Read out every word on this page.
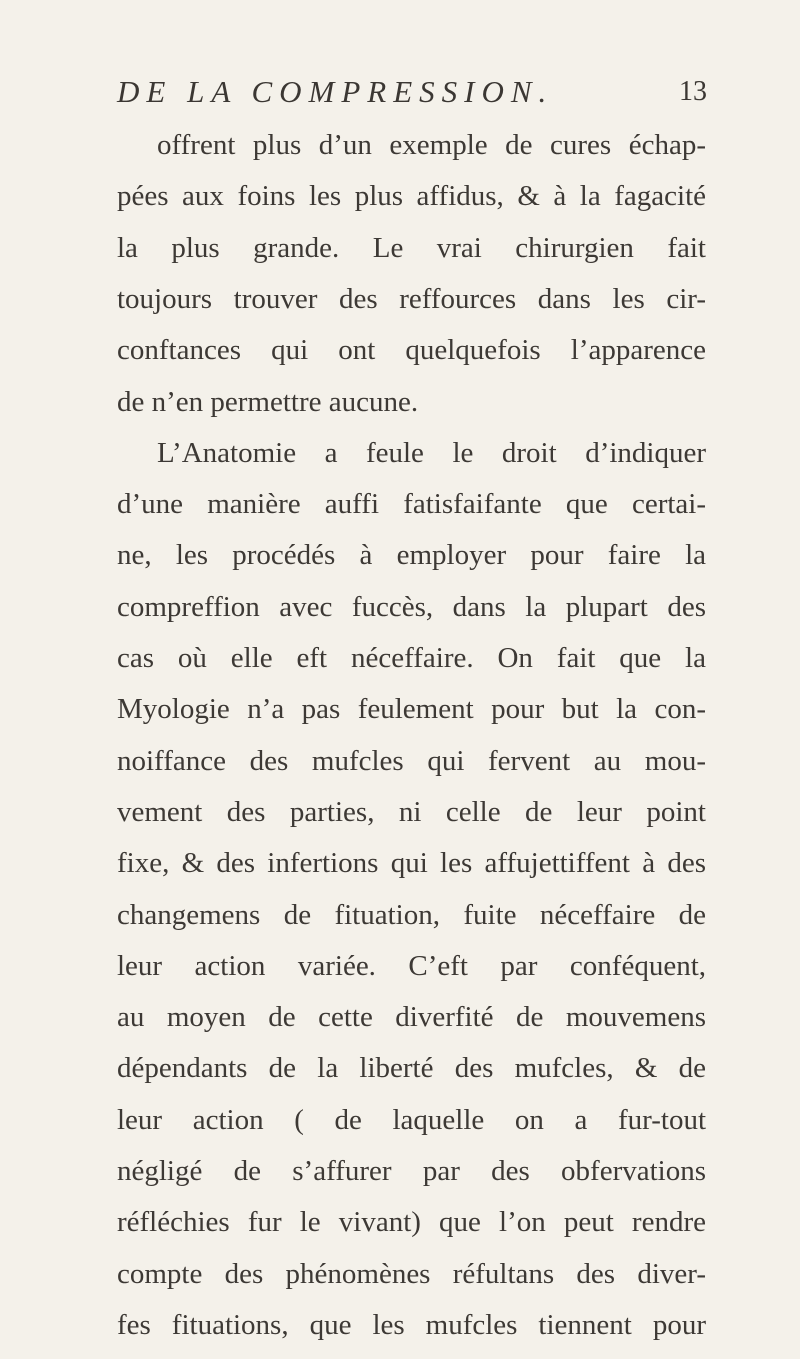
DE LA COMPRESSION.	13
offrent plus d’un exemple de cures échap-
pées aux foins les plus affidus, & à la fagacité
la plus grande. Le vrai chirurgien fait
toujours trouver des reffources dans les cir-
conftances qui ont quelquefois l’apparence
de n’en permettre aucune.
L’Anatomie a feule le droit d’indiquer
d’une manière auffi fatisfaifante que certai-
ne, les procédés à employer pour faire la
compreffion avec fuccès, dans la plupart des
cas où elle eft néceffaire. On fait que la
Myologie n’a pas feulement pour but la con-
noiffance des mufcles qui fervent au mou-
vement des parties, ni celle de leur point
fixe, & des infertions qui les affujettiffent à des
changemens de fituation, fuite néceffaire de
leur action variée. C’eft par conféquent,
au moyen de cette diverfité de mouvemens
dépendants de la liberté des mufcles, & de
leur action ( de laquelle on a fur-tout
négligé de s’affurer par des obfervations
réfléchies fur le vivant) que l’on peut rendre
compte des phénomènes réfultans des diver-
fes fituations, que les mufcles tiennent pour
